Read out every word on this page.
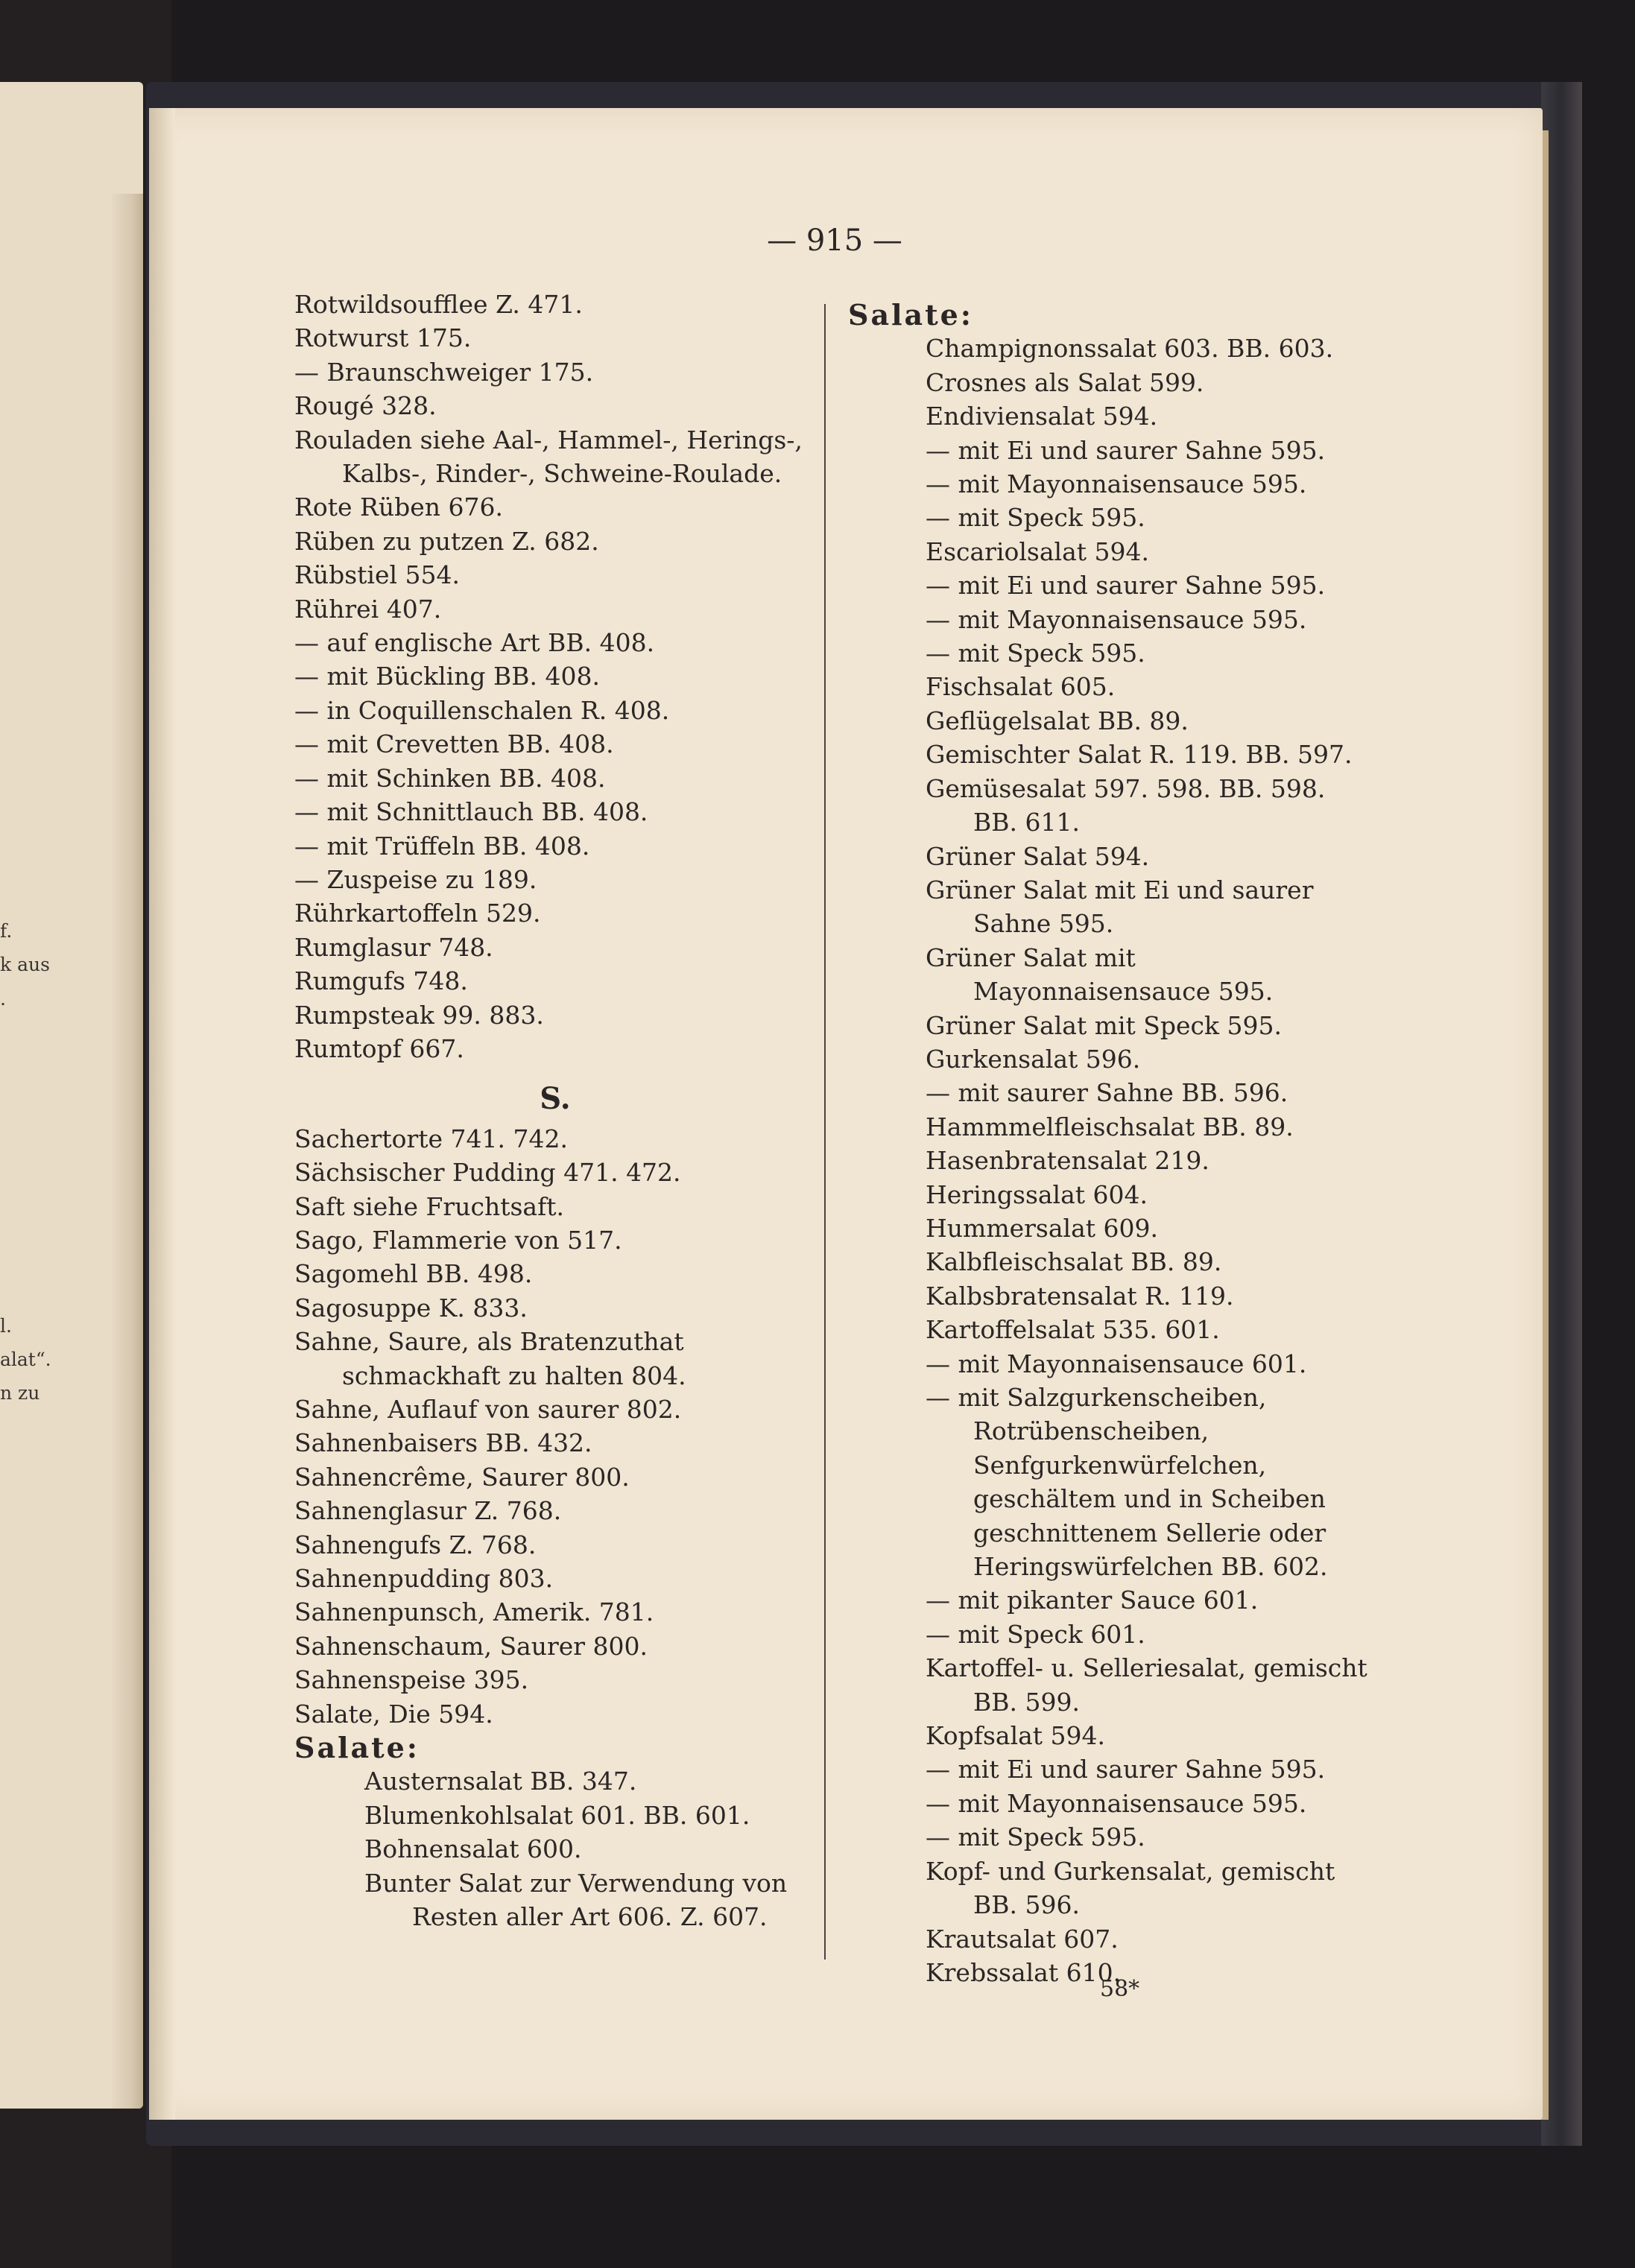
f.
k aus
.
l.
alat“.
n zu
— 915 —

Rotwildsoufflee Z. 471.

Rotwurst 175.

— Braunschweiger 175.

Rougé 328.

Rouladen siehe Aal-, Hammel-, Herings-, Kalbs-, Rinder-, Schweine-Roulade.

Rote Rüben 676.

Rüben zu putzen Z. 682.

Rübstiel 554.

Rührei 407.

— auf englische Art BB. 408.

— mit Bückling BB. 408.

— in Coquillenschalen R. 408.

— mit Crevetten BB. 408.

— mit Schinken BB. 408.

— mit Schnittlauch BB. 408.

— mit Trüffeln BB. 408.

— Zuspeise zu 189.

Rührkartoffeln 529.

Rumglasur 748.

Rumgufs 748.

Rumpsteak 99. 883.

Rumtopf 667.

S.

Sachertorte 741. 742.

Sächsischer Pudding 471. 472.

Saft siehe Fruchtsaft.

Sago, Flammerie von 517.

Sagomehl BB. 498.

Sagosuppe K. 833.

Sahne, Saure, als Bratenzuthat schmackhaft zu halten 804.

Sahne, Auflauf von saurer 802.

Sahnenbaisers BB. 432.

Sahnencrême, Saurer 800.

Sahnenglasur Z. 768.

Sahnengufs Z. 768.

Sahnenpudding 803.

Sahnenpunsch, Amerik. 781.

Sahnenschaum, Saurer 800.

Sahnenspeise 395.

Salate, Die 594.

Salate:

Austernsalat BB. 347.

Blumenkohlsalat 601. BB. 601.

Bohnensalat 600.

Bunter Salat zur Verwendung von Resten aller Art 606. Z. 607.

Salate:

Champignonssalat 603. BB. 603.

Crosnes als Salat 599.

Endiviensalat 594.

— mit Ei und saurer Sahne 595.

— mit Mayonnaisensauce 595.

— mit Speck 595.

Escariolsalat 594.

— mit Ei und saurer Sahne 595.

— mit Mayonnaisensauce 595.

— mit Speck 595.

Fischsalat 605.

Geflügelsalat BB. 89.

Gemischter Salat R. 119. BB. 597.

Gemüsesalat 597. 598. BB. 598. BB. 611.

Grüner Salat 594.

Grüner Salat mit Ei und saurer Sahne 595.

Grüner Salat mit Mayonnaisensauce 595.

Grüner Salat mit Speck 595.

Gurkensalat 596.

— mit saurer Sahne BB. 596.

Hammmelfleischsalat BB. 89.

Hasenbratensalat 219.

Heringssalat 604.

Hummersalat 609.

Kalbfleischsalat BB. 89.

Kalbsbratensalat R. 119.

Kartoffelsalat 535. 601.

— mit Mayonnaisensauce 601.

— mit Salzgurkenscheiben, Rotrübenscheiben, Senfgurkenwürfelchen, geschältem und in Scheiben geschnittenem Sellerie oder Heringswürfelchen BB. 602.

— mit pikanter Sauce 601.

— mit Speck 601.

Kartoffel- u. Selleriesalat, gemischt BB. 599.

Kopfsalat 594.

— mit Ei und saurer Sahne 595.

— mit Mayonnaisensauce 595.

— mit Speck 595.

Kopf- und Gurkensalat, gemischt BB. 596.

Krautsalat 607.

Krebssalat 610.

58*
